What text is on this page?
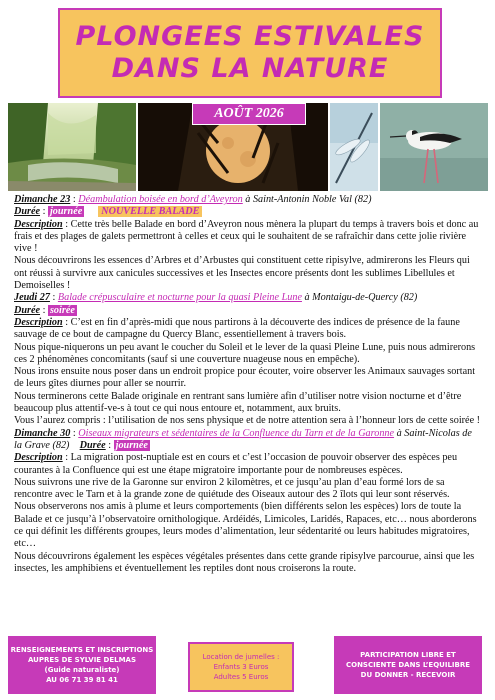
PLONGEES ESTIVALES
DANS LA NATURE
AOÛT 2026

Dimanche 23 : Déambulation boisée en bord d’Aveyron à Saint-Antonin Noble Val (82)

Durée : journée NOUVELLE BALADE

Description : Cette très belle Balade en bord d’Aveyron nous mènera la plupart du temps à travers bois et donc au frais et des plages de galets permettront à celles et ceux qui le souhaitent de se rafraîchir dans cette jolie rivière vive !

Nous découvrirons les essences d’Arbres et d’Arbustes qui constituent cette ripisylve, admirerons les Fleurs qui ont réussi à survivre aux canicules successives et les Insectes encore présents dont les sublimes Libellules et Demoiselles !

Jeudi 27 : Balade crépusculaire et nocturne pour la quasi Pleine Lune à Montaigu-de-Quercy (82)

Durée : soirée

Description : C’est en fin d’après-midi que nous partirons à la découverte des indices de présence de la faune sauvage de ce bout de campagne du Quercy Blanc, essentiellement à travers bois.

Nous pique-niquerons un peu avant le coucher du Soleil et le lever de la quasi Pleine Lune, puis nous admirerons ces 2 phénomènes concomitants (sauf si une couverture nuageuse nous en empêche).

Nous irons ensuite nous poser dans un endroit propice pour écouter, voire observer les Animaux sauvages sortant de leurs gîtes diurnes pour aller se nourrir.

Nous terminerons cette Balade originale en rentrant sans lumière afin d’utiliser notre vision nocturne et d’être beaucoup plus attentif-ve-s à tout ce qui nous entoure et, notamment, aux bruits.

Vous l’aurez compris : l’utilisation de nos sens physique et de notre attention sera à l’honneur lors de cette soirée !

Dimanche 30 : Oiseaux migrateurs et sédentaires de la Confluence du Tarn et de la Garonne à Saint-Nicolas de la Grave (82) Durée : journée

Description : La migration post-nuptiale est en cours et c’est l’occasion de pouvoir observer des espèces peu courantes à la Confluence qui est une étape migratoire importante pour de nombreuses espèces.

Nous suivrons une rive de la Garonne sur environ 2 kilomètres, et ce jusqu’au plan d’eau formé lors de sa rencontre avec le Tarn et à la grande zone de quiétude des Oiseaux autour des 2 îlots qui leur sont réservés.

Nous observerons nos amis à plume et leurs comportements (bien différents selon les espèces) lors de toute la Balade et ce jusqu’à l’observatoire ornithologique. Ardéidés, Limicoles, Laridés, Rapaces, etc… nous aborderons ce qui définit les différents groupes, leurs modes d’alimentation, leur sédentarité ou leurs habitudes migratoires, etc…

Nous découvrirons également les espèces végétales présentes dans cette grande ripisylve parcourue, ainsi que les insectes, les amphibiens et éventuellement les reptiles dont nous croiserons la route.

RENSEIGNEMENTS ET INSCRIPTIONS
AUPRES DE SYLVIE DELMAS
(Guide naturaliste)
AU 06 71 39 81 41
Location de jumelles :
Enfants 3 Euros
Adultes 5 Euros
PARTICIPATION LIBRE ET
CONSCIENTE DANS L’EQUILIBRE
DU DONNER - RECEVOIR
